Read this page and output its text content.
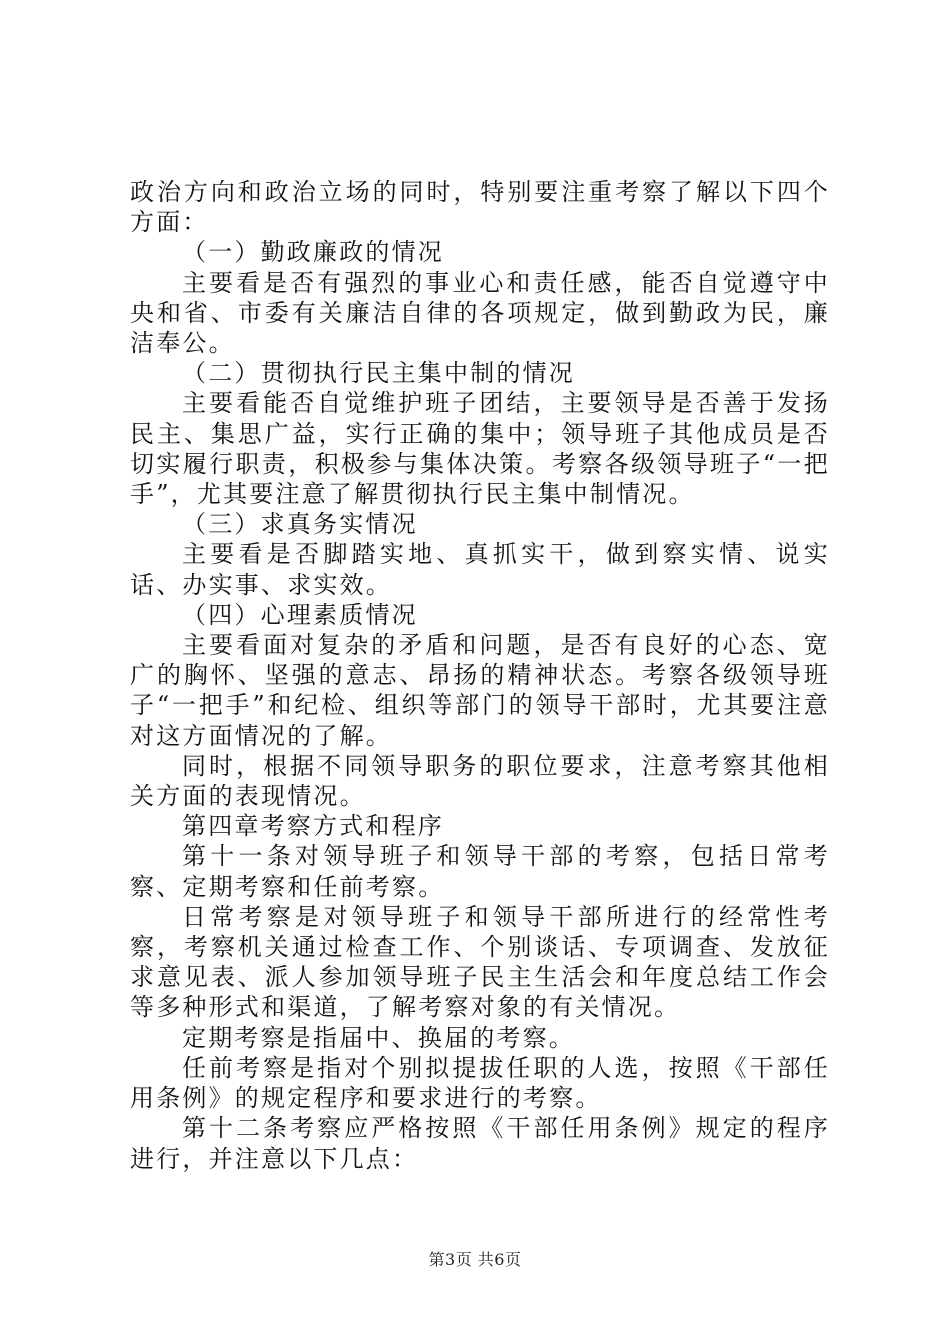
政治方向和政治立场的同时，特别要注重考察了解以下四个方面：

（一）勤政廉政的情况

主要看是否有强烈的事业心和责任感，能否自觉遵守中央和省、市委有关廉洁自律的各项规定，做到勤政为民，廉洁奉公。

（二）贯彻执行民主集中制的情况

主要看能否自觉维护班子团结，主要领导是否善于发扬民主、集思广益，实行正确的集中；领导班子其他成员是否切实履行职责，积极参与集体决策。考察各级领导班子“一把手”，尤其要注意了解贯彻执行民主集中制情况。

（三）求真务实情况

主要看是否脚踏实地、真抓实干，做到察实情、说实话、办实事、求实效。

（四）心理素质情况

主要看面对复杂的矛盾和问题，是否有良好的心态、宽广的胸怀、坚强的意志、昂扬的精神状态。考察各级领导班子“一把手”和纪检、组织等部门的领导干部时，尤其要注意对这方面情况的了解。

同时，根据不同领导职务的职位要求，注意考察其他相关方面的表现情况。

第四章考察方式和程序

第十一条对领导班子和领导干部的考察，包括日常考察、定期考察和任前考察。

日常考察是对领导班子和领导干部所进行的经常性考察，考察机关通过检查工作、个别谈话、专项调查、发放征求意见表、派人参加领导班子民主生活会和年度总结工作会等多种形式和渠道，了解考察对象的有关情况。

定期考察是指届中、换届的考察。

任前考察是指对个别拟提拔任职的人选，按照《干部任用条例》的规定程序和要求进行的考察。

第十二条考察应严格按照《干部任用条例》规定的程序进行，并注意以下几点：

第3页 共6页
